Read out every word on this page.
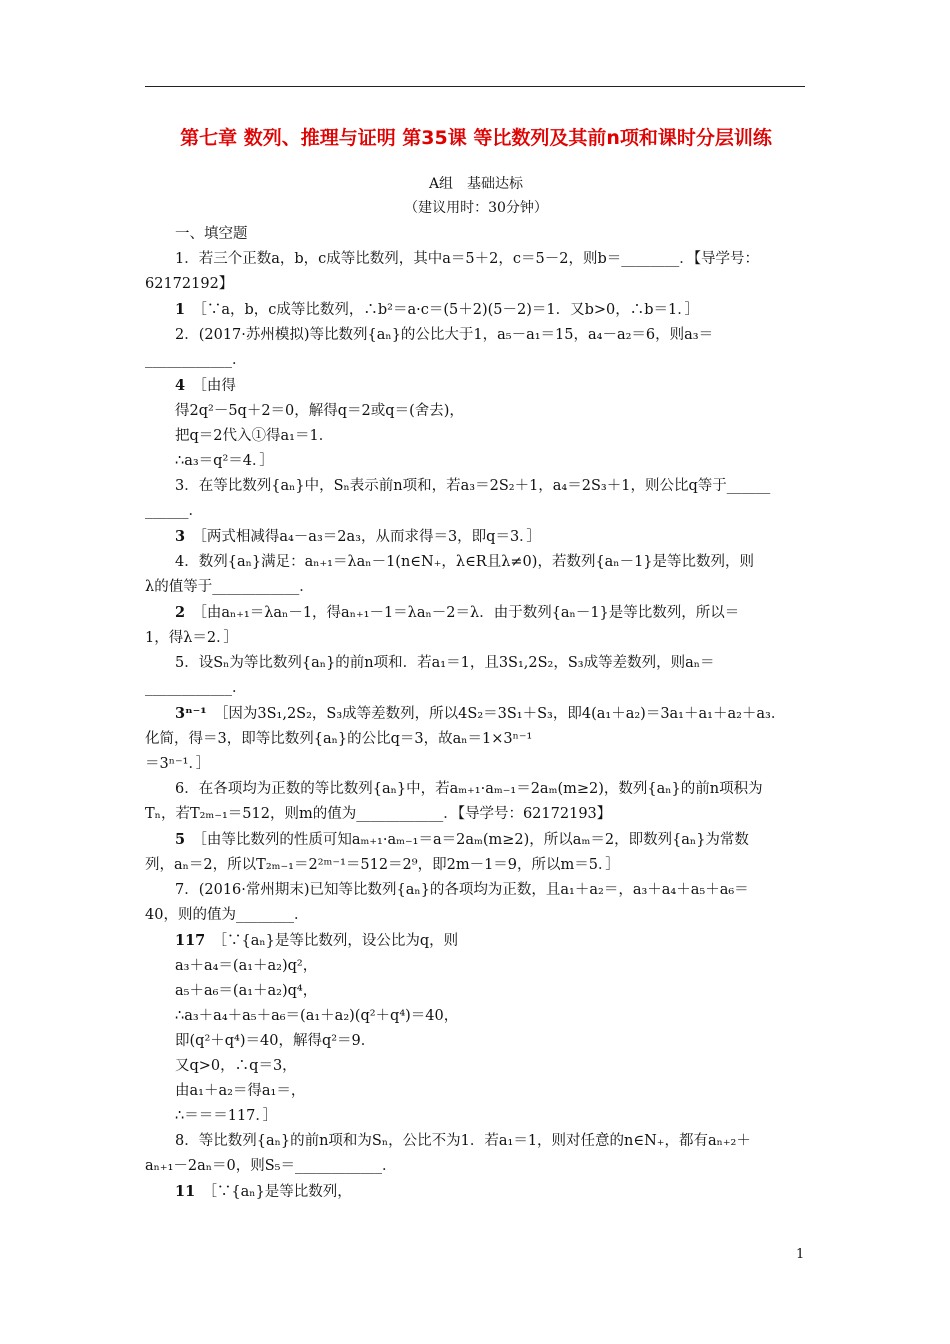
第七章 数列、推理与证明 第35课 等比数列及其前n项和课时分层训练
A组　基础达标
（建议用时：30分钟）

一、填空题

1．若三个正数a，b，c成等比数列，其中a＝5＋2，c＝5－2，则b＝________．【导学号：

62172192】

1　 ［∵a，b，c成等比数列，∴b²＝a·c＝(5＋2)(5－2)＝1．又b>0，∴b＝1．］

2．(2017·苏州模拟)等比数列{aₙ}的公比大于1，a₅－a₁＝15，a₄－a₂＝6，则a₃＝

____________．

4　 ［由得

得2q²－5q＋2＝0，解得q＝2或q＝(舍去)，

把q＝2代入①得a₁＝1．

∴a₃＝q²＝4．］

3．在等比数列{aₙ}中，Sₙ表示前n项和，若a₃＝2S₂＋1，a₄＝2S₃＋1，则公比q等于______

______．

3　 ［两式相减得a₄－a₃＝2a₃，从而求得＝3，即q＝3．］

4．数列{aₙ}满足：aₙ₊₁＝λaₙ－1(n∈N₊，λ∈R且λ≠0)，若数列{aₙ－1}是等比数列，则

λ的值等于____________．

2　 ［由aₙ₊₁＝λaₙ－1，得aₙ₊₁－1＝λaₙ－2＝λ．由于数列{aₙ－1}是等比数列，所以＝

1，得λ＝2．］

5．设Sₙ为等比数列{aₙ}的前n项和．若a₁＝1，且3S₁,2S₂，S₃成等差数列，则aₙ＝

____________．

3ⁿ⁻¹　 ［因为3S₁,2S₂，S₃成等差数列，所以4S₂＝3S₁＋S₃，即4(a₁＋a₂)＝3a₁＋a₁＋a₂＋a₃．

化简，得＝3，即等比数列{aₙ}的公比q＝3，故aₙ＝1×3ⁿ⁻¹

＝3ⁿ⁻¹．］

6．在各项均为正数的等比数列{aₙ}中，若aₘ₊₁·aₘ₋₁＝2aₘ(m≥2)，数列{aₙ}的前n项积为

Tₙ，若T₂ₘ₋₁＝512，则m的值为____________．【导学号：62172193】

5　 ［由等比数列的性质可知aₘ₊₁·aₘ₋₁＝a＝2aₘ(m≥2)，所以aₘ＝2，即数列{aₙ}为常数

列，aₙ＝2，所以T₂ₘ₋₁＝2²ᵐ⁻¹＝512＝2⁹，即2m－1＝9，所以m＝5．］

7．(2016·常州期末)已知等比数列{aₙ}的各项均为正数，且a₁＋a₂＝，a₃＋a₄＋a₅＋a₆＝

40，则的值为________．

117　 ［∵{aₙ}是等比数列，设公比为q，则

a₃＋a₄＝(a₁＋a₂)q²，

a₅＋a₆＝(a₁＋a₂)q⁴，

∴a₃＋a₄＋a₅＋a₆＝(a₁＋a₂)(q²＋q⁴)＝40，

即(q²＋q⁴)＝40，解得q²＝9．

又q>0，∴q＝3，

由a₁＋a₂＝得a₁＝，

∴＝＝＝117．］

8．等比数列{aₙ}的前n项和为Sₙ，公比不为1．若a₁＝1，则对任意的n∈N₊，都有aₙ₊₂＋

aₙ₊₁－2aₙ＝0，则S₅＝____________．

11　 ［∵{aₙ}是等比数列，

1
